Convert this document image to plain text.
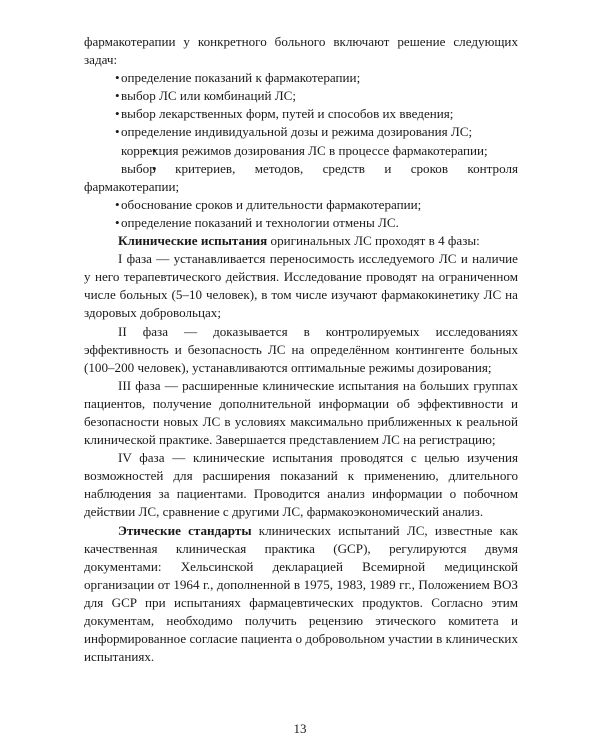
фармакотерапии у конкретного больного включают решение следующих задач:

• определение показаний к фармакотерапии;
• выбор ЛС или комбинаций ЛС;
• выбор лекарственных форм, путей и способов их введения;
• определение индивидуальной дозы и режима дозирования ЛС;
• коррекция режимов дозирования ЛС в процессе фармакотерапии;
• выбор критериев, методов, средств и сроков контроля фармакотерапии;
• обоснование сроков и длительности фармакотерапии;
• определение показаний и технологии отмены ЛС.

Клинические испытания оригинальных ЛС проходят в 4 фазы:

I фаза — устанавливается переносимость исследуемого ЛС и наличие у него терапевтического действия. Исследование проводят на ограниченном числе больных (5–10 человек), в том числе изучают фармакокинетику ЛС на здоровых добровольцах;

II фаза — доказывается в контролируемых исследованиях эффективность и безопасность ЛС на определённом контингенте больных (100–200 человек), устанавливаются оптимальные режимы дозирования;

III фаза — расширенные клинические испытания на больших группах пациентов, получение дополнительной информации об эффективности и безопасности новых ЛС в условиях максимально приближенных к реальной клинической практике. Завершается представлением ЛС на регистрацию;

IV фаза — клинические испытания проводятся с целью изучения возможностей для расширения показаний к применению, длительного наблюдения за пациентами. Проводится анализ информации о побочном действии ЛС, сравнение с другими ЛС, фармакоэкономический анализ.

Этические стандарты клинических испытаний ЛС, известные как качественная клиническая практика (GCP), регулируются двумя документами: Хельсинской декларацией Всемирной медицинской организации от 1964 г., дополненной в 1975, 1983, 1989 гг., Положением ВОЗ для GCP при испытаниях фармацевтических продуктов. Согласно этим документам, необходимо получить рецензию этического комитета и информированное согласие пациента о добровольном участии в клинических испытаниях.

13
